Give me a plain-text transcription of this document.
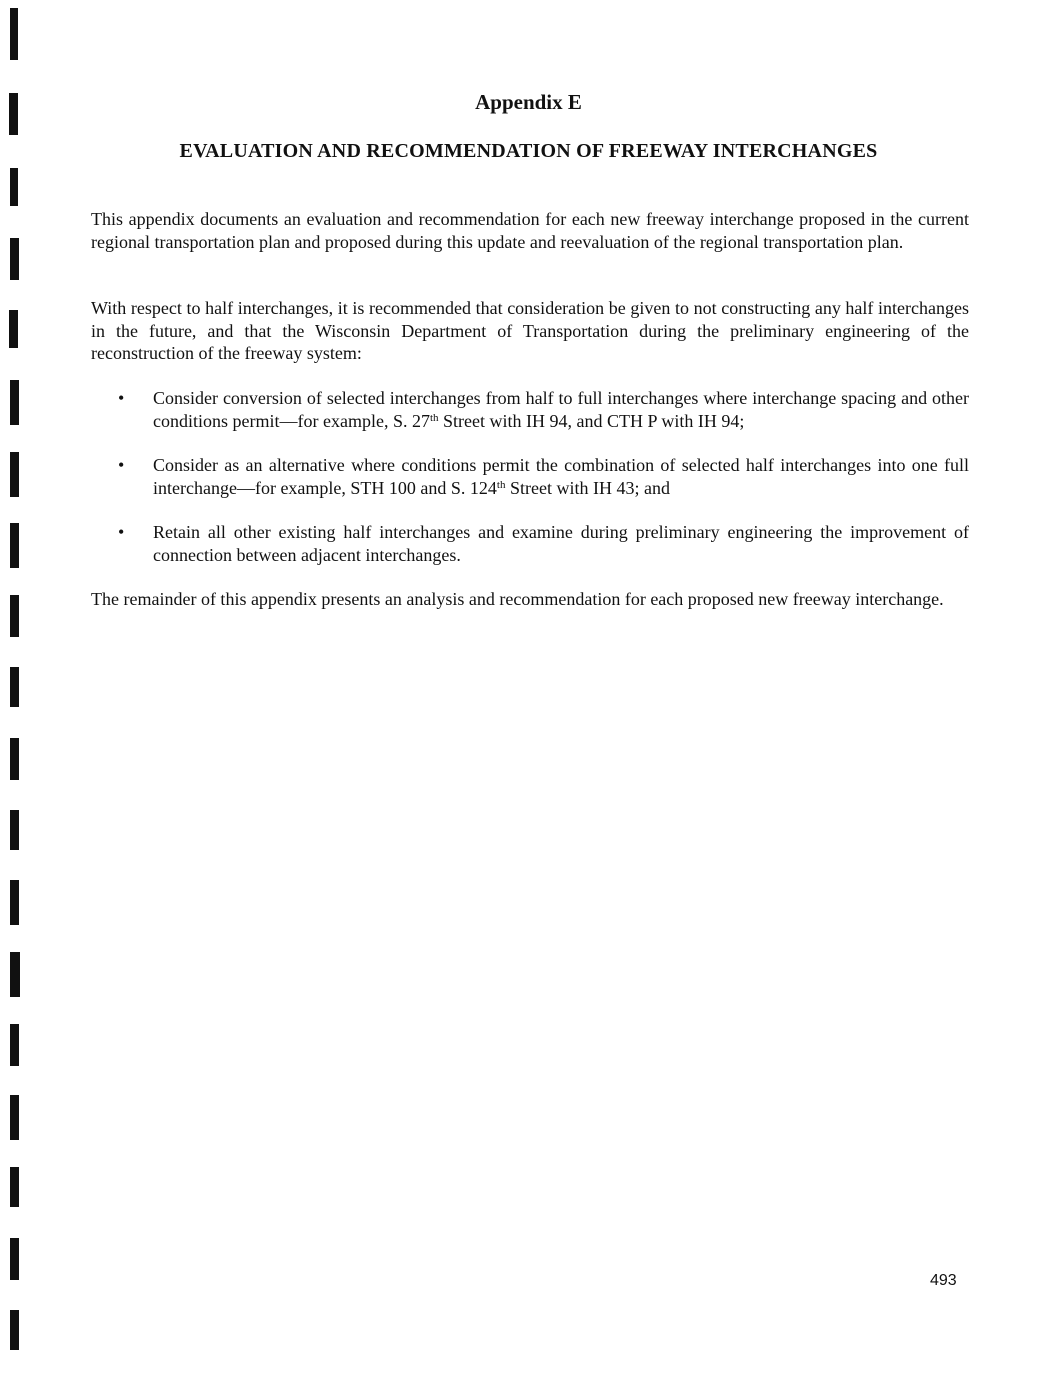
Appendix E
EVALUATION AND RECOMMENDATION OF FREEWAY INTERCHANGES

This appendix documents an evaluation and recommendation for each new freeway interchange proposed in the current regional transportation plan and proposed during this update and reevaluation of the regional transportation plan.

With respect to half interchanges, it is recommended that consideration be given to not constructing any half interchanges in the future, and that the Wisconsin Department of Transportation during the preliminary engineering of the reconstruction of the freeway system:

•	Consider conversion of selected interchanges from half to full interchanges where interchange spacing and other conditions permit—for example, S. 27th Street with IH 94, and CTH P with IH 94;
•	Consider as an alternative where conditions permit the combination of selected half interchanges into one full interchange—for example, STH 100 and S. 124th Street with IH 43; and
•	Retain all other existing half interchanges and examine during preliminary engineering the improvement of connection between adjacent interchanges.

The remainder of this appendix presents an analysis and recommendation for each proposed new freeway interchange.

493
